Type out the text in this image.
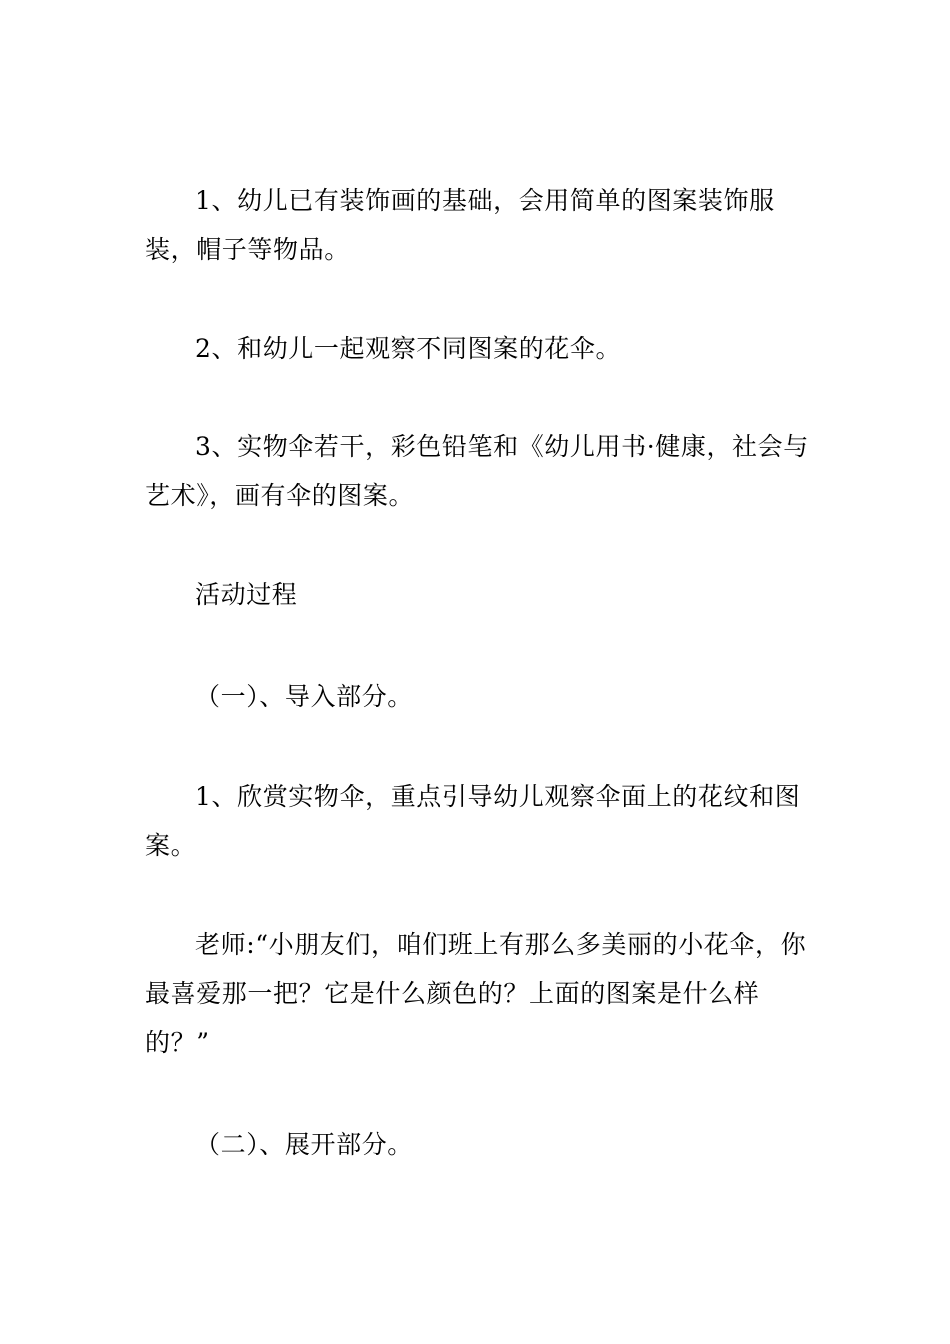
1、幼儿已有装饰画的基础，会用简单的图案装饰服装，帽子等物品。

2、和幼儿一起观察不同图案的花伞。

3、实物伞若干，彩色铅笔和《幼儿用书·健康，社会与艺术》，画有伞的图案。

活动过程

（一）、导入部分。

1、欣赏实物伞，重点引导幼儿观察伞面上的花纹和图案。

老师:“小朋友们，咱们班上有那么多美丽的小花伞，你最喜爱那一把？它是什么颜色的？上面的图案是什么样的？”

（二）、展开部分。
